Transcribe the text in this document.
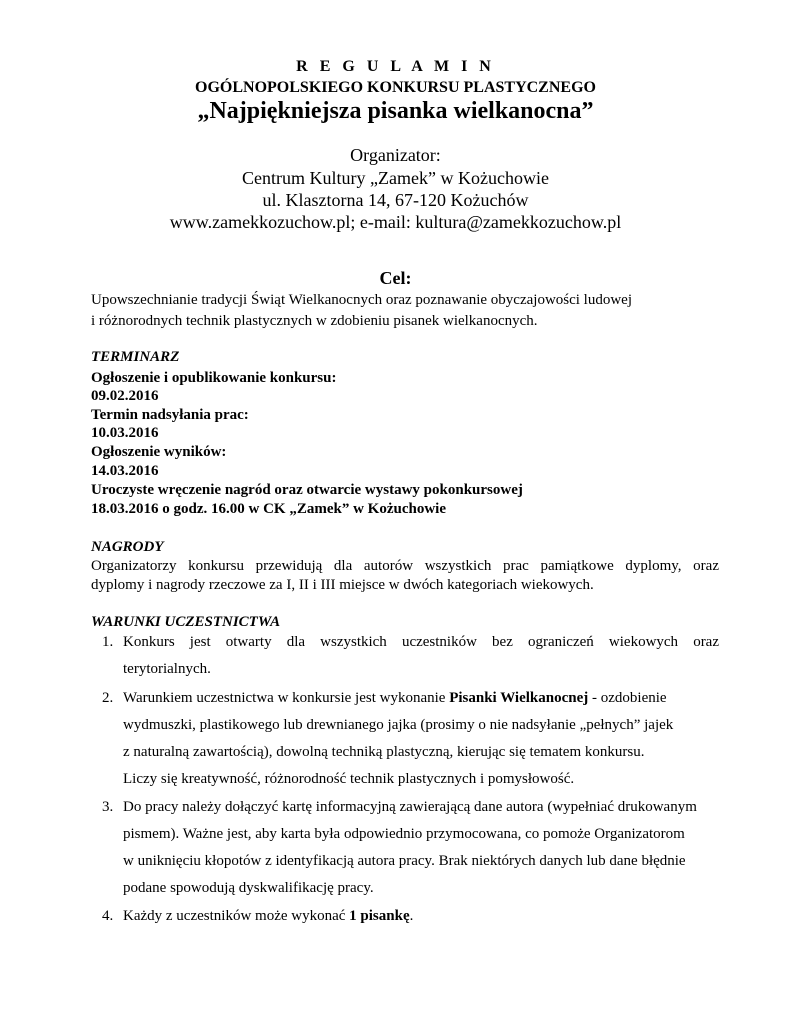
R E G U L A M I N
OGÓLNOPOLSKIEGO KONKURSU PLASTYCZNEGO
„Najpiękniejsza pisanka wielkanocna”
Organizator:
Centrum Kultury „Zamek” w Kożuchowie
ul. Klasztorna 14, 67-120 Kożuchów
www.zamekkozuchow.pl; e-mail: kultura@zamekkozuchow.pl
Cel:
Upowszechnianie tradycji Świąt Wielkanocnych oraz poznawanie obyczajowości ludowej
i różnorodnych technik plastycznych w zdobieniu pisanek wielkanocnych.
TERMINARZ
Ogłoszenie i opublikowanie konkursu:
09.02.2016
Termin nadsyłania prac:
10.03.2016
Ogłoszenie wyników:
14.03.2016
Uroczyste wręczenie nagród oraz otwarcie wystawy pokonkursowej
18.03.2016 o godz. 16.00 w CK „Zamek” w Kożuchowie
NAGRODY
Organizatorzy konkursu przewidują dla autorów wszystkich prac pamiątkowe dyplomy, oraz
dyplomy i nagrody rzeczowe za I, II i III miejsce w dwóch kategoriach wiekowych.
WARUNKI UCZESTNICTWA
1. Konkurs jest otwarty dla wszystkich uczestników bez ograniczeń wiekowych oraz
terytorialnych.
2. Warunkiem uczestnictwa w konkursie jest wykonanie Pisanki Wielkanocnej - ozdobienie
wydmuszki, plastikowego lub drewnianego jajka (prosimy o nie nadsyłanie „pełnych” jajek
z naturalną zawartością), dowolną techniką plastyczną, kierując się tematem konkursu.
Liczy się kreatywność, różnorodność technik plastycznych i pomysłowość.
3. Do pracy należy dołączyć kartę informacyjną zawierającą dane autora (wypełniać drukowanym
pismem). Ważne jest, aby karta była odpowiednio przymocowana, co pomoże Organizatorom
w uniknięciu kłopotów z identyfikacją autora pracy. Brak niektórych danych lub dane błędnie
podane spowodują dyskwalifikację pracy.
4. Każdy z uczestników może wykonać 1 pisankę.
